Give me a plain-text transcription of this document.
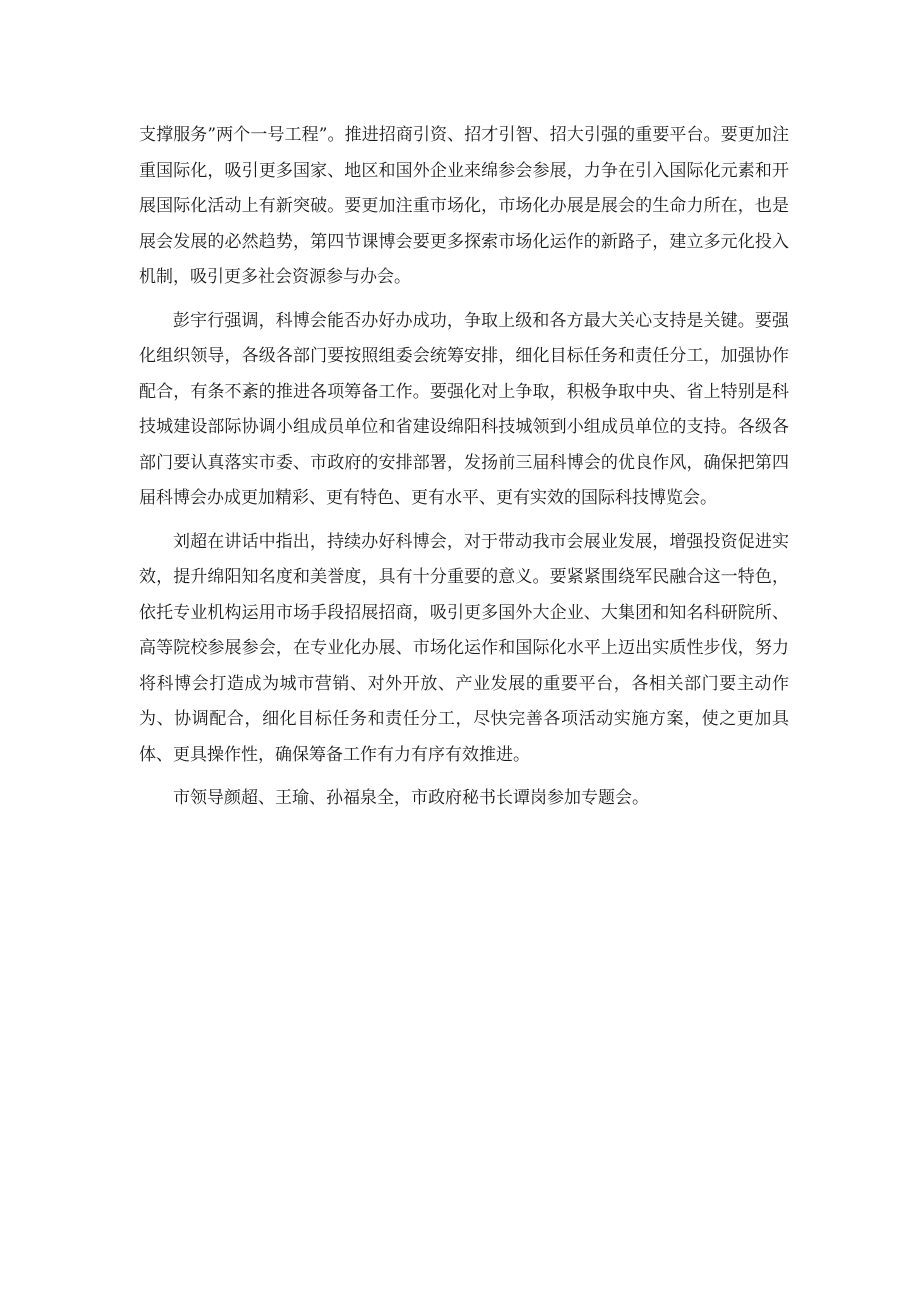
支撑服务”两个一号工程”。推进招商引资、招才引智、招大引强的重要平台。要更加注重国际化，吸引更多国家、地区和国外企业来绵参会参展，力争在引入国际化元素和开展国际化活动上有新突破。要更加注重市场化，市场化办展是展会的生命力所在，也是展会发展的必然趋势，第四节课博会要更多探索市场化运作的新路子，建立多元化投入机制，吸引更多社会资源参与办会。

彭宇行强调，科博会能否办好办成功，争取上级和各方最大关心支持是关键。要强化组织领导，各级各部门要按照组委会统筹安排，细化目标任务和责任分工，加强协作配合，有条不紊的推进各项筹备工作。要强化对上争取，积极争取中央、省上特别是科技城建设部际协调小组成员单位和省建设绵阳科技城领到小组成员单位的支持。各级各部门要认真落实市委、市政府的安排部署，发扬前三届科博会的优良作风，确保把第四届科博会办成更加精彩、更有特色、更有水平、更有实效的国际科技博览会。

刘超在讲话中指出，持续办好科博会，对于带动我市会展业发展，增强投资促进实效，提升绵阳知名度和美誉度，具有十分重要的意义。要紧紧围绕军民融合这一特色，依托专业机构运用市场手段招展招商，吸引更多国外大企业、大集团和知名科研院所、高等院校参展参会，在专业化办展、市场化运作和国际化水平上迈出实质性步伐，努力将科博会打造成为城市营销、对外开放、产业发展的重要平台，各相关部门要主动作为、协调配合，细化目标任务和责任分工，尽快完善各项活动实施方案，使之更加具体、更具操作性，确保筹备工作有力有序有效推进。

市领导颜超、王瑜、孙福泉全，市政府秘书长谭岗参加专题会。
